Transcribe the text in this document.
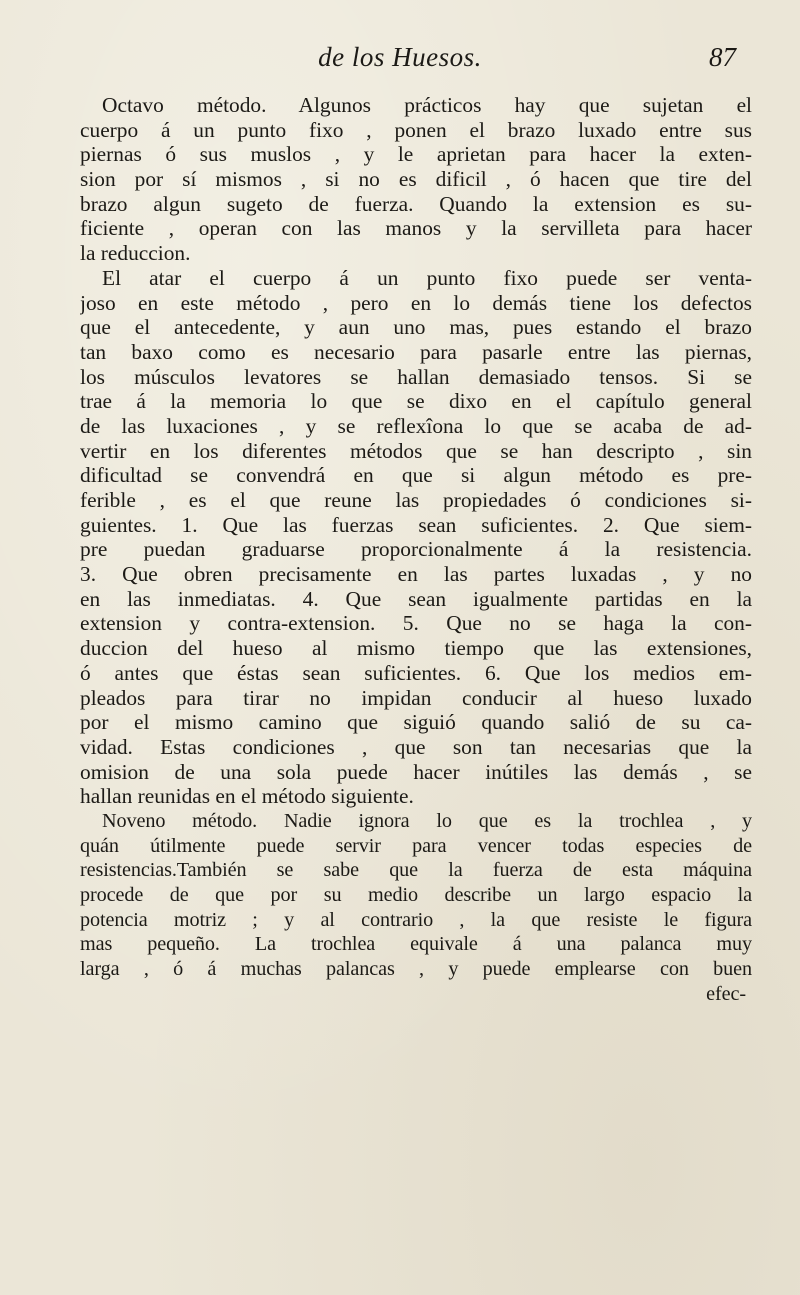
de los Huesos.	87
Octavo método. Algunos prácticos hay que sujetan el
cuerpo á un punto fixo , ponen el brazo luxado entre sus
piernas ó sus muslos , y le aprietan para hacer la exten-
sion por sí mismos , si no es dificil , ó hacen que tire del
brazo algun sugeto de fuerza. Quando la extension es su-
ficiente , operan con las manos y la servilleta para hacer
la reduccion.
El atar el cuerpo á un punto fixo puede ser venta-
joso en este método , pero en lo demás tiene los defectos
que el antecedente, y aun uno mas, pues estando el brazo
tan baxo como es necesario para pasarle entre las piernas,
los músculos levatores se hallan demasiado tensos. Si se
trae á la memoria lo que se dixo en el capítulo general
de las luxaciones , y se reflexîona lo que se acaba de ad-
vertir en los diferentes métodos que se han descripto , sin
dificultad se convendrá en que si algun método es pre-
ferible , es el que reune las propiedades ó condiciones si-
guientes. 1. Que las fuerzas sean suficientes. 2. Que siem-
pre puedan graduarse proporcionalmente á la resistencia.
3. Que obren precisamente en las partes luxadas , y no
en las inmediatas. 4. Que sean igualmente partidas en la
extension y contra-extension. 5. Que no se haga la con-
duccion del hueso al mismo tiempo que las extensiones,
ó antes que éstas sean suficientes. 6. Que los medios em-
pleados para tirar no impidan conducir al hueso luxado
por el mismo camino que siguió quando salió de su ca-
vidad. Estas condiciones , que son tan necesarias que la
omision de una sola puede hacer inútiles las demás , se
hallan reunidas en el método siguiente.
Noveno método. Nadie ignora lo que es la trochlea , y
quán útilmente puede servir para vencer todas especies de
resistencias.También se sabe que la fuerza de esta máquina
procede de que por su medio describe un largo espacio la
potencia motriz ; y al contrario , la que resiste le figura
mas pequeño. La trochlea equivale á una palanca muy
larga , ó á muchas palancas , y puede emplearse con buen
efec-
